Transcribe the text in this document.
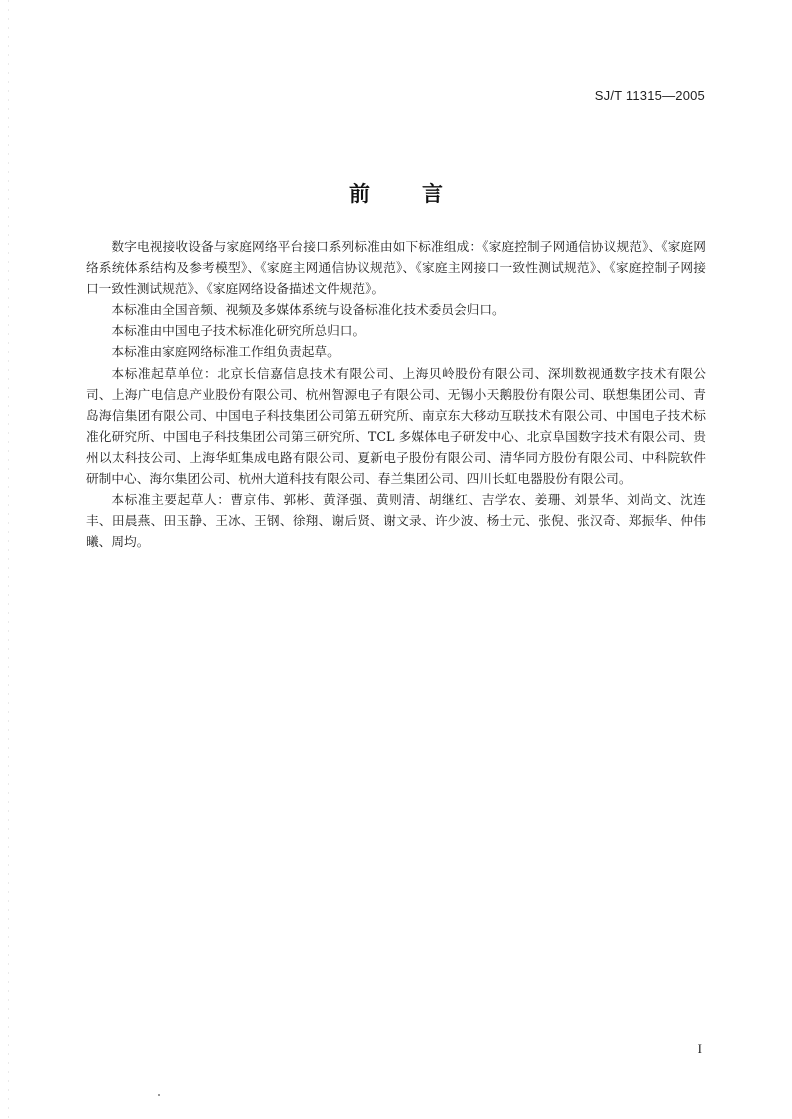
SJ/T 11315—2005
前言

数字电视接收设备与家庭网络平台接口系列标准由如下标准组成：《家庭控制子网通信协议规范》、《家庭网络系统体系结构及参考模型》、《家庭主网通信协议规范》、《家庭主网接口一致性测试规范》、《家庭控制子网接口一致性测试规范》、《家庭网络设备描述文件规范》。

本标准由全国音频、视频及多媒体系统与设备标准化技术委员会归口。

本标准由中国电子技术标准化研究所总归口。

本标准由家庭网络标准工作组负责起草。

本标准起草单位：北京长信嘉信息技术有限公司、上海贝岭股份有限公司、深圳数视通数字技术有限公司、上海广电信息产业股份有限公司、杭州智源电子有限公司、无锡小天鹅股份有限公司、联想集团公司、青岛海信集团有限公司、中国电子科技集团公司第五研究所、南京东大移动互联技术有限公司、中国电子技术标准化研究所、中国电子科技集团公司第三研究所、TCL 多媒体电子研发中心、北京阜国数字技术有限公司、贵州以太科技公司、上海华虹集成电路有限公司、夏新电子股份有限公司、清华同方股份有限公司、中科院软件研制中心、海尔集团公司、杭州大道科技有限公司、春兰集团公司、四川长虹电器股份有限公司。

本标准主要起草人：曹京伟、郭彬、黄泽强、黄则清、胡继红、吉学农、姜珊、刘景华、刘尚文、沈连丰、田晨燕、田玉静、王冰、王钢、徐翔、谢后贤、谢文录、许少波、杨士元、张倪、张汉奇、郑振华、仲伟曦、周均。

I
